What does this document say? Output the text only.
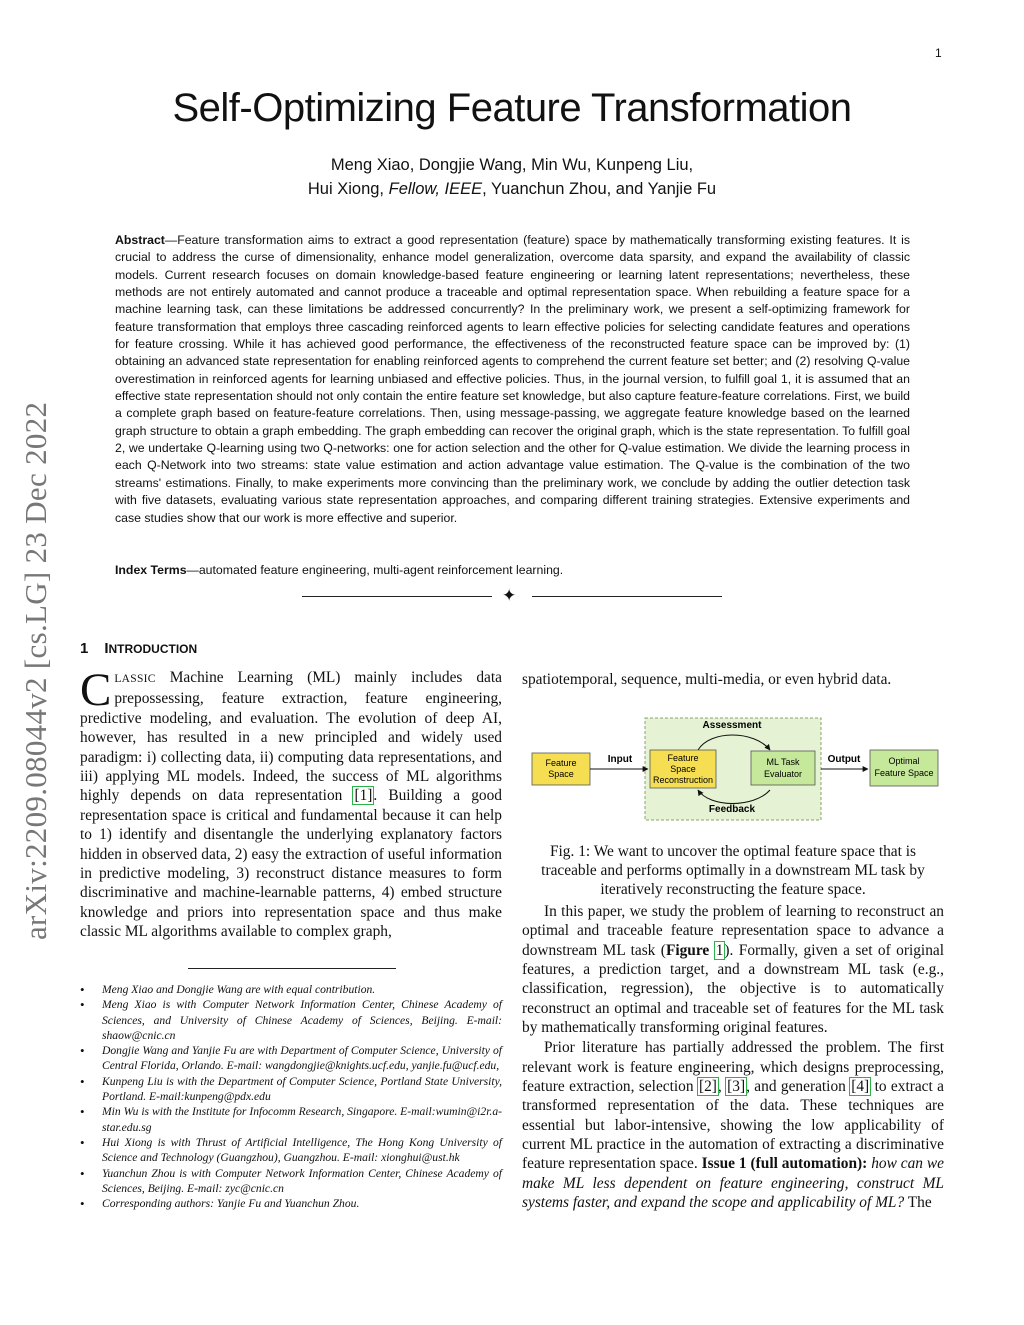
1
arXiv:2209.08044v2 [cs.LG] 23 Dec 2022
Self-Optimizing Feature Transformation
Meng Xiao, Dongjie Wang, Min Wu, Kunpeng Liu,
Hui Xiong, Fellow, IEEE, Yuanchun Zhou, and Yanjie Fu
Abstract—Feature transformation aims to extract a good representation (feature) space by mathematically transforming existing features. It is crucial to address the curse of dimensionality, enhance model generalization, overcome data sparsity, and expand the availability of classic models. Current research focuses on domain knowledge-based feature engineering or learning latent representations; nevertheless, these methods are not entirely automated and cannot produce a traceable and optimal representation space. When rebuilding a feature space for a machine learning task, can these limitations be addressed concurrently? In the preliminary work, we present a self-optimizing framework for feature transformation that employs three cascading reinforced agents to learn effective policies for selecting candidate features and operations for feature crossing. While it has achieved good performance, the effectiveness of the reconstructed feature space can be improved by: (1) obtaining an advanced state representation for enabling reinforced agents to comprehend the current feature set better; and (2) resolving Q-value overestimation in reinforced agents for learning unbiased and effective policies. Thus, in the journal version, to fulfill goal 1, it is assumed that an effective state representation should not only contain the entire feature set knowledge, but also capture feature-feature correlations. First, we build a complete graph based on feature-feature correlations. Then, using message-passing, we aggregate feature knowledge based on the learned graph structure to obtain a graph embedding. The graph embedding can recover the original graph, which is the state representation. To fulfill goal 2, we undertake Q-learning using two Q-networks: one for action selection and the other for Q-value estimation. We divide the learning process in each Q-Network into two streams: state value estimation and action advantage value estimation. The Q-value is the combination of the two streams' estimations. Finally, to make experiments more convincing than the preliminary work, we conclude by adding the outlier detection task with five datasets, evaluating various state representation approaches, and comparing different training strategies. Extensive experiments and case studies show that our work is more effective and superior.
Index Terms—automated feature engineering, multi-agent reinforcement learning.
✦
1 INTRODUCTION
CLASSIC Machine Learning (ML) mainly includes data prepossessing, feature extraction, feature engineering, predictive modeling, and evaluation. The evolution of deep AI, however, has resulted in a new principled and widely used paradigm: i) collecting data, ii) computing data representations, and iii) applying ML models. Indeed, the success of ML algorithms highly depends on data representation [1]. Building a good representation space is critical and fundamental because it can help to 1) identify and disentangle the underlying explanatory factors hidden in observed data, 2) easy the extraction of useful information in predictive modeling, 3) reconstruct distance measures to form discriminative and machine-learnable patterns, 4) embed structure knowledge and priors into representation space and thus make classic ML algorithms available to complex graph,
• Meng Xiao and Dongjie Wang are with equal contribution.
• Meng Xiao is with Computer Network Information Center, Chinese Academy of Sciences, and University of Chinese Academy of Sciences, Beijing. E-mail: shaow@cnic.cn
• Dongjie Wang and Yanjie Fu are with Department of Computer Science, University of Central Florida, Orlando. E-mail: wangdongjie@knights.ucf.edu, yanjie.fu@ucf.edu,
• Kunpeng Liu is with the Department of Computer Science, Portland State University, Portland. E-mail:kunpeng@pdx.edu
• Min Wu is with the Institute for Infocomm Research, Singapore. E-mail:wumin@i2r.a-star.edu.sg
• Hui Xiong is with Thrust of Artificial Intelligence, The Hong Kong University of Science and Technology (Guangzhou), Guangzhou. E-mail: xionghui@ust.hk
• Yuanchun Zhou is with Computer Network Information Center, Chinese Academy of Sciences, Beijing. E-mail: zyc@cnic.cn
• Corresponding authors: Yanjie Fu and Yuanchun Zhou.
spatiotemporal, sequence, multi-media, or even hybrid data.
Assessment
Feedback
Feature
Space
Feature
Space
Reconstruction
ML Task
Evaluator
Optimal
Feature Space
Input	Output
Fig. 1: We want to uncover the optimal feature space that is traceable and performs optimally in a downstream ML task by iteratively reconstructing the feature space.

In this paper, we study the problem of learning to reconstruct an optimal and traceable feature representation space to advance a downstream ML task (Figure 1). Formally, given a set of original features, a prediction target, and a downstream ML task (e.g., classification, regression), the objective is to automatically reconstruct an optimal and traceable set of features for the ML task by mathematically transforming original features.

Prior literature has partially addressed the problem. The first relevant work is feature engineering, which designs preprocessing, feature extraction, selection [2], [3], and generation [4] to extract a transformed representation of the data. These techniques are essential but labor-intensive, showing the low applicability of current ML practice in the automation of extracting a discriminative feature representation space. Issue 1 (full automation): how can we make ML less dependent on feature engineering, construct ML systems faster, and expand the scope and applicability of ML? The
